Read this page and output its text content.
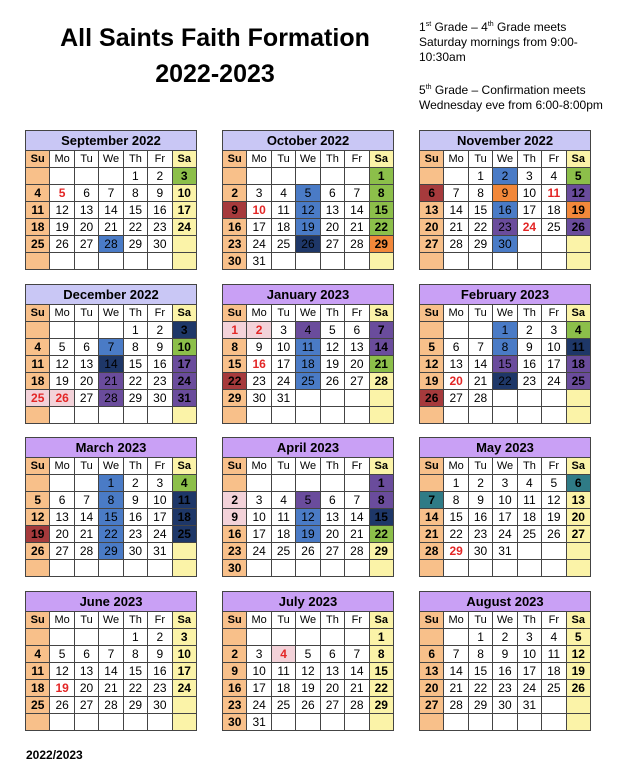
All Saints Faith Formation
2022-2023
1st Grade – 4th Grade meets Saturday mornings from 9:00-10:30am
5th Grade – Confirmation meets Wednesday eve from 6:00-8:00pm
September 2022						
Su	Mo	Tu	We	Th	Fr	Sa
				1	2	3
4	5	6	7	8	9	10
11	12	13	14	15	16	17
18	19	20	21	22	23	24
25	26	27	28	29	30	

October 2022						
Su	Mo	Tu	We	Th	Fr	Sa
						1
2	3	4	5	6	7	8
9	10	11	12	13	14	15
16	17	18	19	20	21	22
23	24	25	26	27	28	29
30	31					
November 2022						
Su	Mo	Tu	We	Th	Fr	Sa
		1	2	3	4	5
6	7	8	9	10	11	12
13	14	15	16	17	18	19
20	21	22	23	24	25	26
27	28	29	30			

December 2022						
Su	Mo	Tu	We	Th	Fr	Sa
				1	2	3
4	5	6	7	8	9	10
11	12	13	14	15	16	17
18	19	20	21	22	23	24
25	26	27	28	29	30	31

January 2023						
Su	Mo	Tu	We	Th	Fr	Sa
1	2	3	4	5	6	7
8	9	10	11	12	13	14
15	16	17	18	19	20	21
22	23	24	25	26	27	28
29	30	31				

February 2023						
Su	Mo	Tu	We	Th	Fr	Sa
			1	2	3	4
5	6	7	8	9	10	11
12	13	14	15	16	17	18
19	20	21	22	23	24	25
26	27	28				

March 2023						
Su	Mo	Tu	We	Th	Fr	Sa
			1	2	3	4
5	6	7	8	9	10	11
12	13	14	15	16	17	18
19	20	21	22	23	24	25
26	27	28	29	30	31	

April 2023						
Su	Mo	Tu	We	Th	Fr	Sa
						1
2	3	4	5	6	7	8
9	10	11	12	13	14	15
16	17	18	19	20	21	22
23	24	25	26	27	28	29
30						
May 2023						
Su	Mo	Tu	We	Th	Fr	Sa
	1	2	3	4	5	6
7	8	9	10	11	12	13
14	15	16	17	18	19	20
21	22	23	24	25	26	27
28	29	30	31			

June 2023						
Su	Mo	Tu	We	Th	Fr	Sa
				1	2	3
4	5	6	7	8	9	10
11	12	13	14	15	16	17
18	19	20	21	22	23	24
25	26	27	28	29	30	

July 2023						
Su	Mo	Tu	We	Th	Fr	Sa
						1
2	3	4	5	6	7	8
9	10	11	12	13	14	15
16	17	18	19	20	21	22
23	24	25	26	27	28	29
30	31					
August 2023						
Su	Mo	Tu	We	Th	Fr	Sa
		1	2	3	4	5
6	7	8	9	10	11	12
13	14	15	16	17	18	19
20	21	22	23	24	25	26
27	28	29	30	31		

2022/2023
